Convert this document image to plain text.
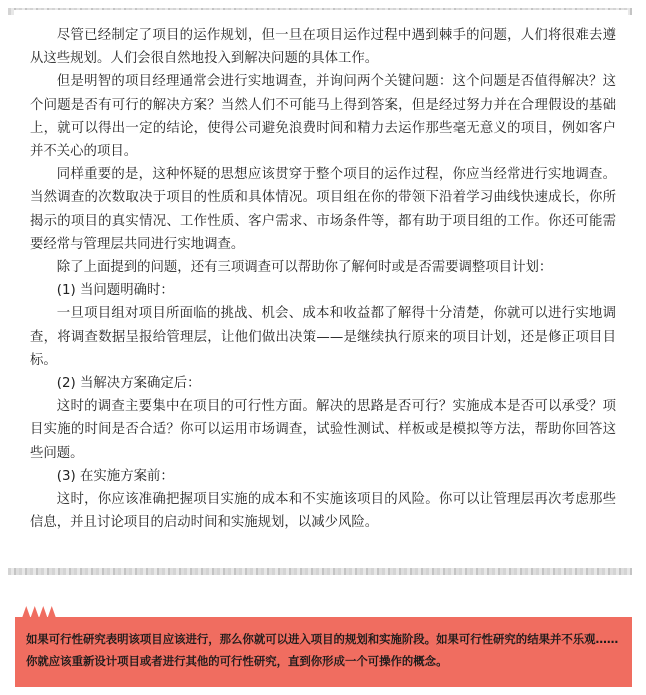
尽管已经制定了项目的运作规划，但一旦在项目运作过程中遇到棘手的问题，人们将很难去遵从这些规划。人们会很自然地投入到解决问题的具体工作。

但是明智的项目经理通常会进行实地调查，并询问两个关键问题：这个问题是否值得解决？这个问题是否有可行的解决方案？当然人们不可能马上得到答案，但是经过努力并在合理假设的基础上，就可以得出一定的结论，使得公司避免浪费时间和精力去运作那些毫无意义的项目，例如客户并不关心的项目。

同样重要的是，这种怀疑的思想应该贯穿于整个项目的运作过程，你应当经常进行实地调查。当然调查的次数取决于项目的性质和具体情况。项目组在你的带领下沿着学习曲线快速成长，你所揭示的项目的真实情况、工作性质、客户需求、市场条件等，都有助于项目组的工作。你还可能需要经常与管理层共同进行实地调查。

除了上面提到的问题，还有三项调查可以帮助你了解何时或是否需要调整项目计划：

(1) 当问题明确时：

一旦项目组对项目所面临的挑战、机会、成本和收益都了解得十分清楚，你就可以进行实地调查，将调查数据呈报给管理层，让他们做出决策——是继续执行原来的项目计划，还是修正项目目标。

(2) 当解决方案确定后：

这时的调查主要集中在项目的可行性方面。解决的思路是否可行？实施成本是否可以承受？项目实施的时间是否合适？你可以运用市场调查，试验性测试、样板或是模拟等方法，帮助你回答这些问题。

(3) 在实施方案前：

这时，你应该准确把握项目实施的成本和不实施该项目的风险。你可以让管理层再次考虑那些信息，并且讨论项目的启动时间和实施规划，以减少风险。

如果可行性研究表明该项目应该进行，那么你就可以进入项目的规划和实施阶段。如果可行性研究的结果并不乐观……你就应该重新设计项目或者进行其他的可行性研究，直到你形成一个可操作的概念。
